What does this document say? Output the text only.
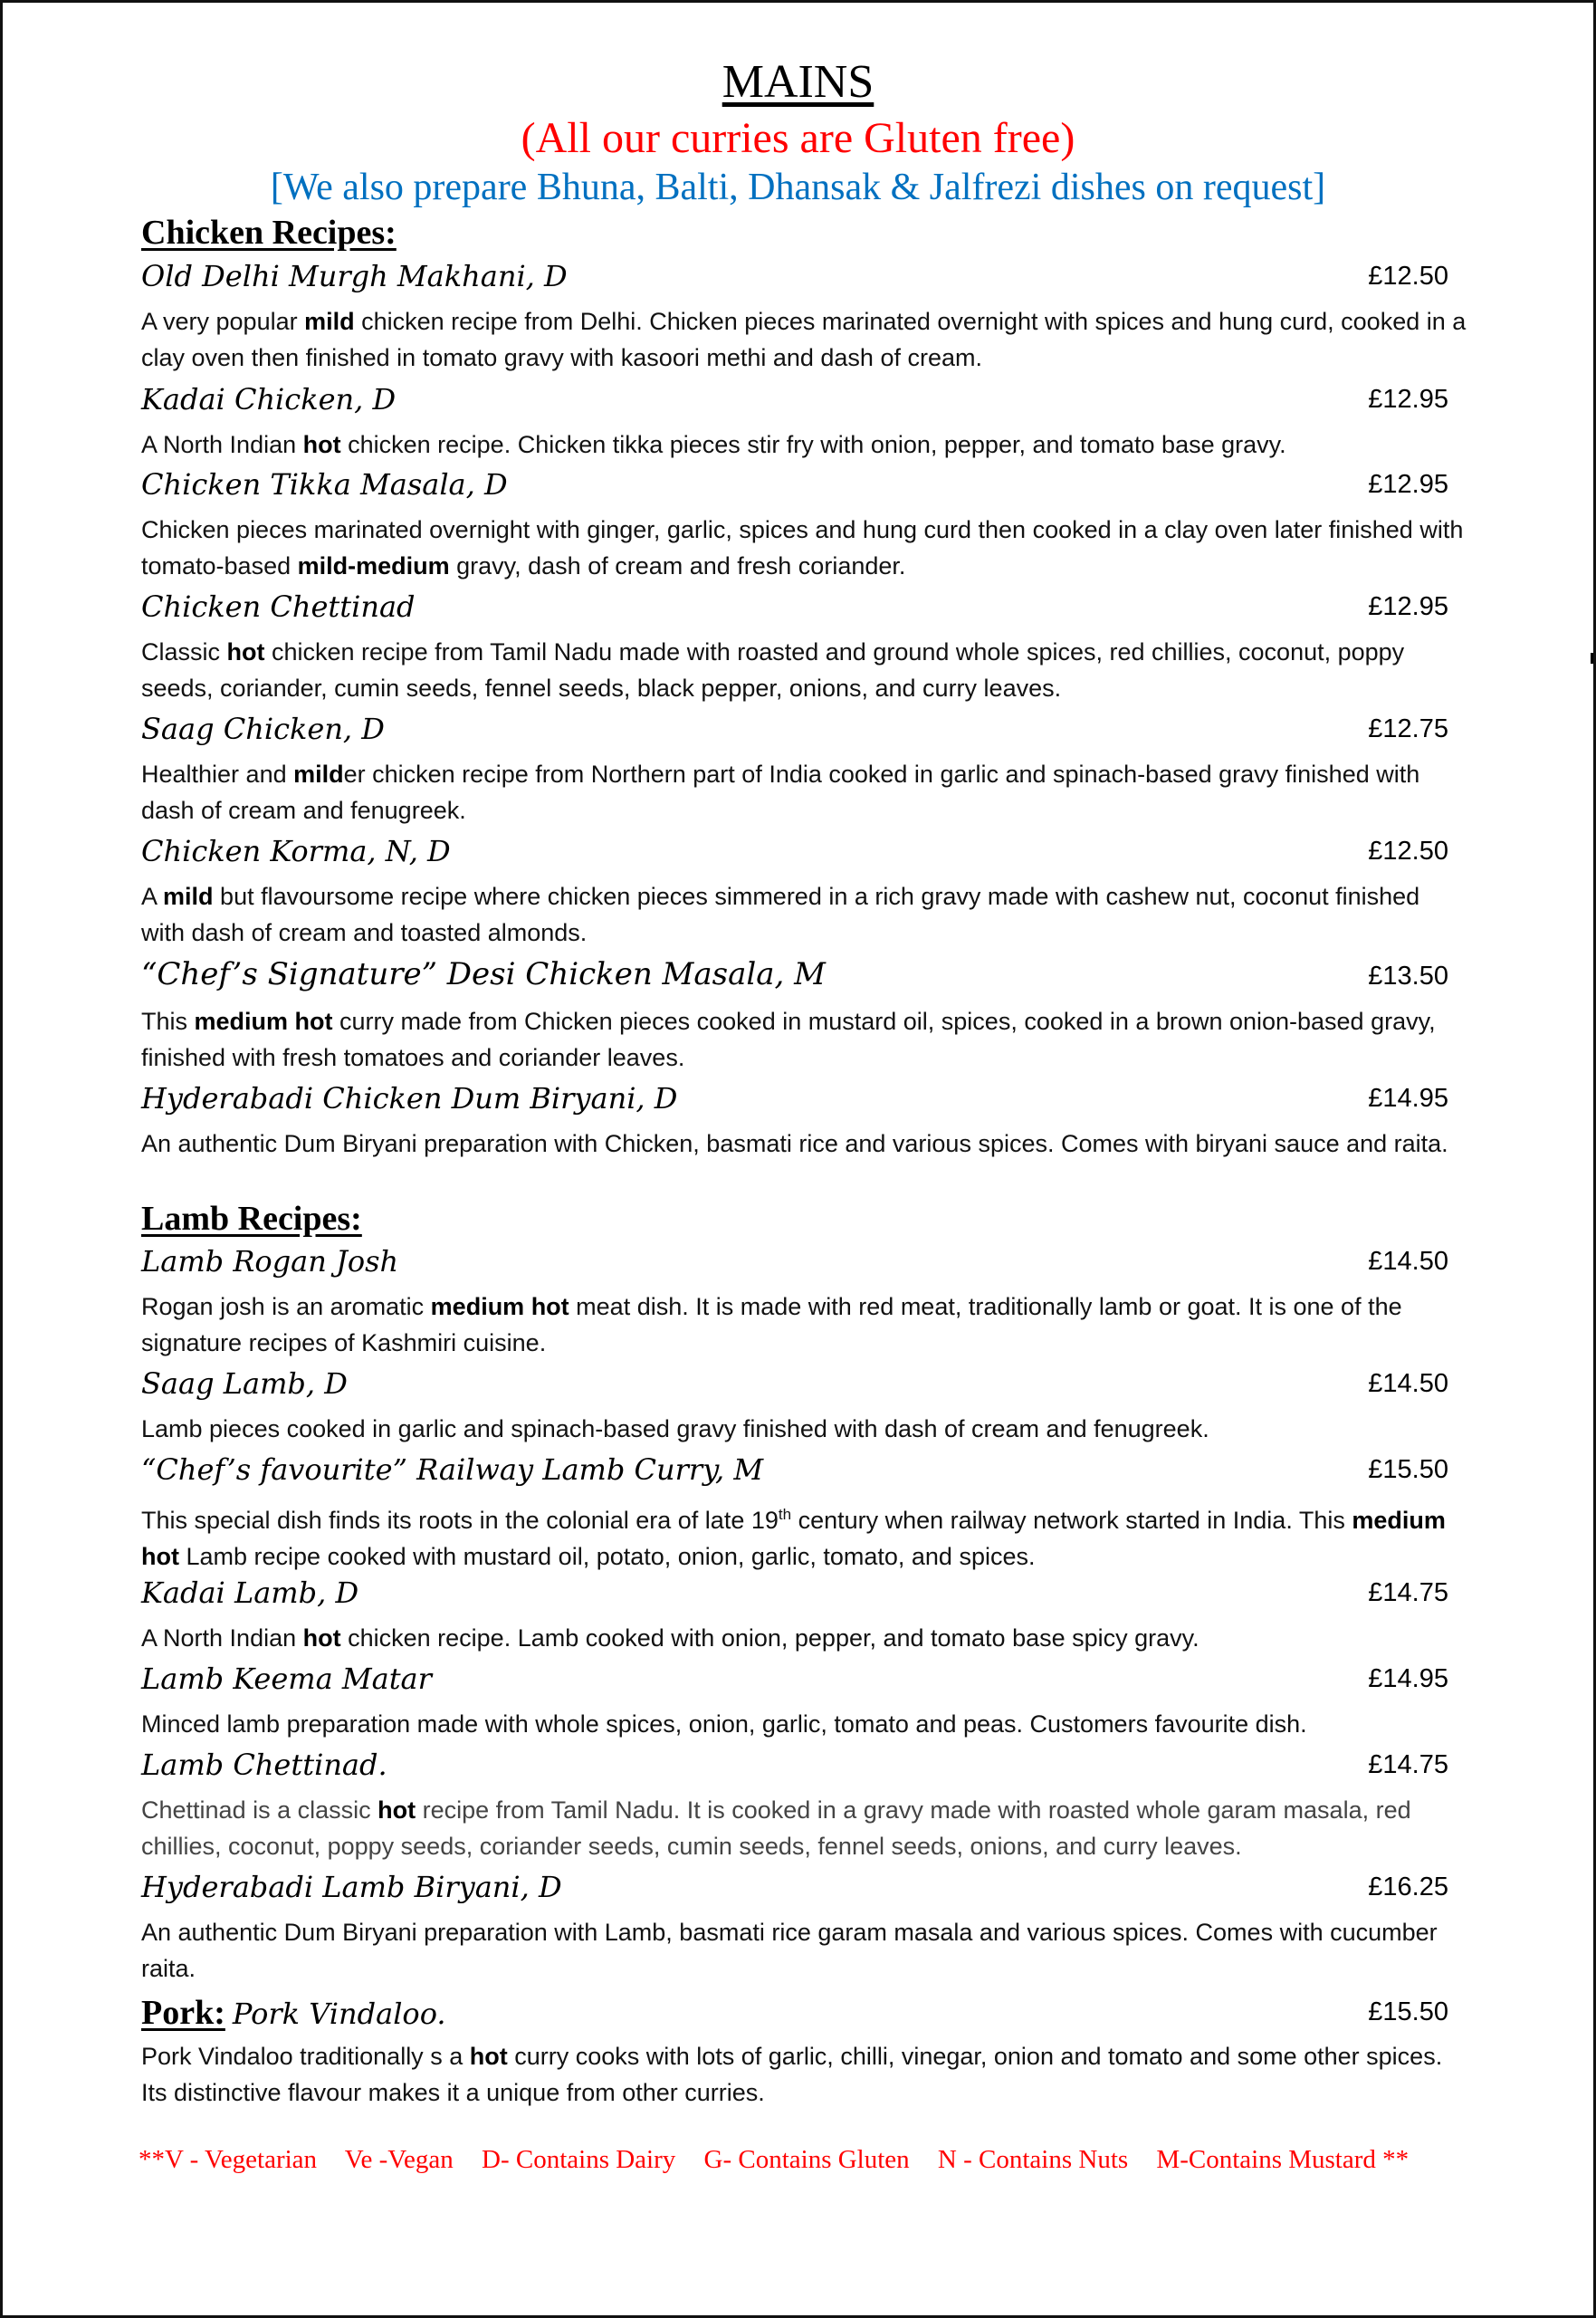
MAINS
(All our curries are Gluten free)
[We also prepare Bhuna, Balti, Dhansak & Jalfrezi dishes on request]
Chicken Recipes:
Old Delhi Murgh Makhani, D	£12.50
A very popular mild chicken recipe from Delhi. Chicken pieces marinated overnight with spices and hung curd, cooked in a clay oven then finished in tomato gravy with kasoori methi and dash of cream.
Kadai Chicken, D	£12.95
A North Indian hot chicken recipe. Chicken tikka pieces stir fry with onion, pepper, and tomato base gravy.
Chicken Tikka Masala, D	£12.95
Chicken pieces marinated overnight with ginger, garlic, spices and hung curd then cooked in a clay oven later finished with tomato-based mild-medium gravy, dash of cream and fresh coriander.
Chicken Chettinad	£12.95
Classic hot chicken recipe from Tamil Nadu made with roasted and ground whole spices, red chillies, coconut, poppy seeds, coriander, cumin seeds, fennel seeds, black pepper, onions, and curry leaves.
Saag Chicken, D	£12.75
Healthier and milder chicken recipe from Northern part of India cooked in garlic and spinach-based gravy finished with dash of cream and fenugreek.
Chicken Korma, N, D	£12.50
A mild but flavoursome recipe where chicken pieces simmered in a rich gravy made with cashew nut, coconut finished with dash of cream and toasted almonds.
“Chef’s Signature” Desi Chicken Masala, M	£13.50
This medium hot curry made from Chicken pieces cooked in mustard oil, spices, cooked in a brown onion-based gravy, finished with fresh tomatoes and coriander leaves.
Hyderabadi Chicken Dum Biryani, D	£14.95
An authentic Dum Biryani preparation with Chicken, basmati rice and various spices. Comes with biryani sauce and raita.
Lamb Recipes:
Lamb Rogan Josh	£14.50
Rogan josh is an aromatic medium hot meat dish. It is made with red meat, traditionally lamb or goat. It is one of the signature recipes of Kashmiri cuisine.
Saag Lamb, D	£14.50
Lamb pieces cooked in garlic and spinach-based gravy finished with dash of cream and fenugreek.
“Chef’s favourite” Railway Lamb Curry, M	£15.50
This special dish finds its roots in the colonial era of late 19th century when railway network started in India. This medium hot Lamb recipe cooked with mustard oil, potato, onion, garlic, tomato, and spices.
Kadai Lamb, D	£14.75
A North Indian hot chicken recipe. Lamb cooked with onion, pepper, and tomato base spicy gravy.
Lamb Keema Matar	£14.95
Minced lamb preparation made with whole spices, onion, garlic, tomato and peas. Customers favourite dish.
Lamb Chettinad.	£14.75
Chettinad is a classic hot recipe from Tamil Nadu. It is cooked in a gravy made with roasted whole garam masala, red chillies, coconut, poppy seeds, coriander seeds, cumin seeds, fennel seeds, onions, and curry leaves.
Hyderabadi Lamb Biryani, D	£16.25
An authentic Dum Biryani preparation with Lamb, basmati rice garam masala and various spices. Comes with cucumber raita.
Pork: Pork Vindaloo.	£15.50
Pork Vindaloo traditionally s a hot curry cooks with lots of garlic, chilli, vinegar, onion and tomato and some other spices. Its distinctive flavour makes it a unique from other curries.
**V - Vegetarian Ve -Vegan D- Contains Dairy G- Contains Gluten N - Contains Nuts M-Contains Mustard **
